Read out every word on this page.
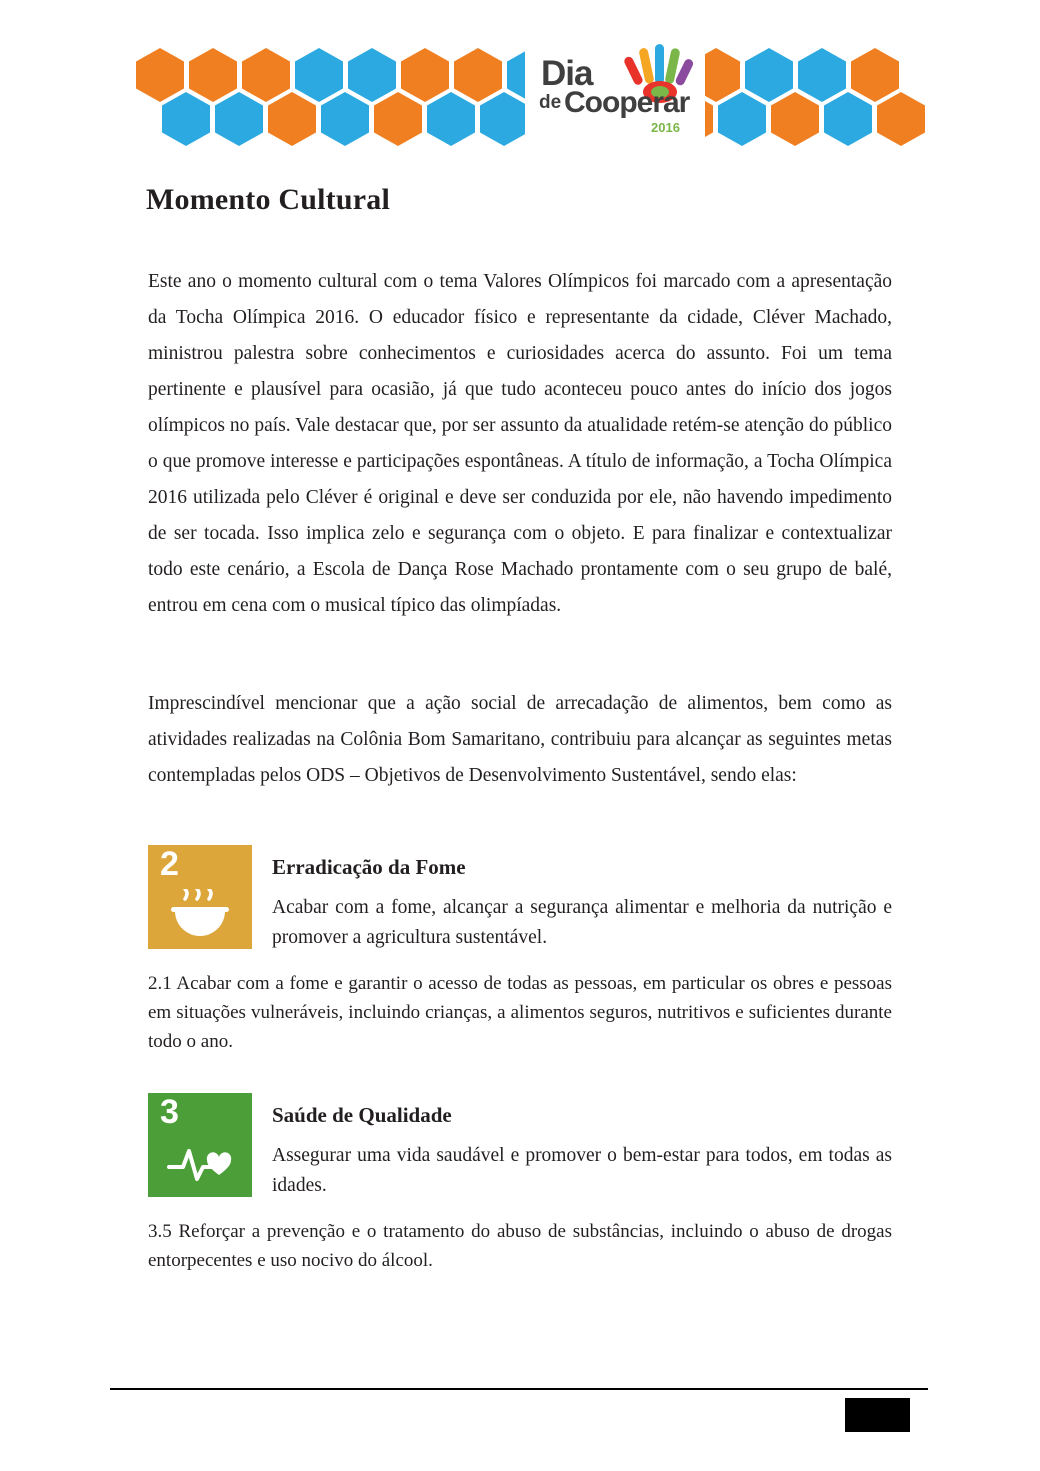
Dia
de Cooperar
2016
Momento Cultural

Este ano o momento cultural com o tema Valores Olímpicos foi marcado com a apresentação da Tocha Olímpica 2016. O educador físico e representante da cidade, Cléver Machado, ministrou palestra sobre conhecimentos e curiosidades acerca do assunto. Foi um tema pertinente e plausível para ocasião, já que tudo aconteceu pouco antes do início dos jogos olímpicos no país. Vale destacar que, por ser assunto da atualidade retém-se atenção do público o que promove interesse e participações espontâneas. A título de informação, a Tocha Olímpica 2016 utilizada pelo Cléver é original e deve ser conduzida por ele, não havendo impedimento de ser tocada. Isso implica zelo e segurança com o objeto. E para finalizar e contextualizar todo este cenário, a Escola de Dança Rose Machado prontamente com o seu grupo de balé, entrou em cena com o musical típico das olimpíadas.

Imprescindível mencionar que a ação social de arrecadação de alimentos, bem como as atividades realizadas na Colônia Bom Samaritano, contribuiu para alcançar as seguintes metas contempladas pelos ODS – Objetivos de Desenvolvimento Sustentável, sendo elas:

2	Erradicação da Fome
Acabar com a fome, alcançar a segurança alimentar e melhoria da nutrição e promover a agricultura sustentável.
2.1 Acabar com a fome e garantir o acesso de todas as pessoas, em particular os obres e pessoas em situações vulneráveis, incluindo crianças, a alimentos seguros, nutritivos e suficientes durante todo o ano.
3	Saúde de Qualidade
Assegurar uma vida saudável e promover o bem-estar para todos, em todas as idades.
3.5 Reforçar a prevenção e o tratamento do abuso de substâncias, incluindo o abuso de drogas entorpecentes e uso nocivo do álcool.
